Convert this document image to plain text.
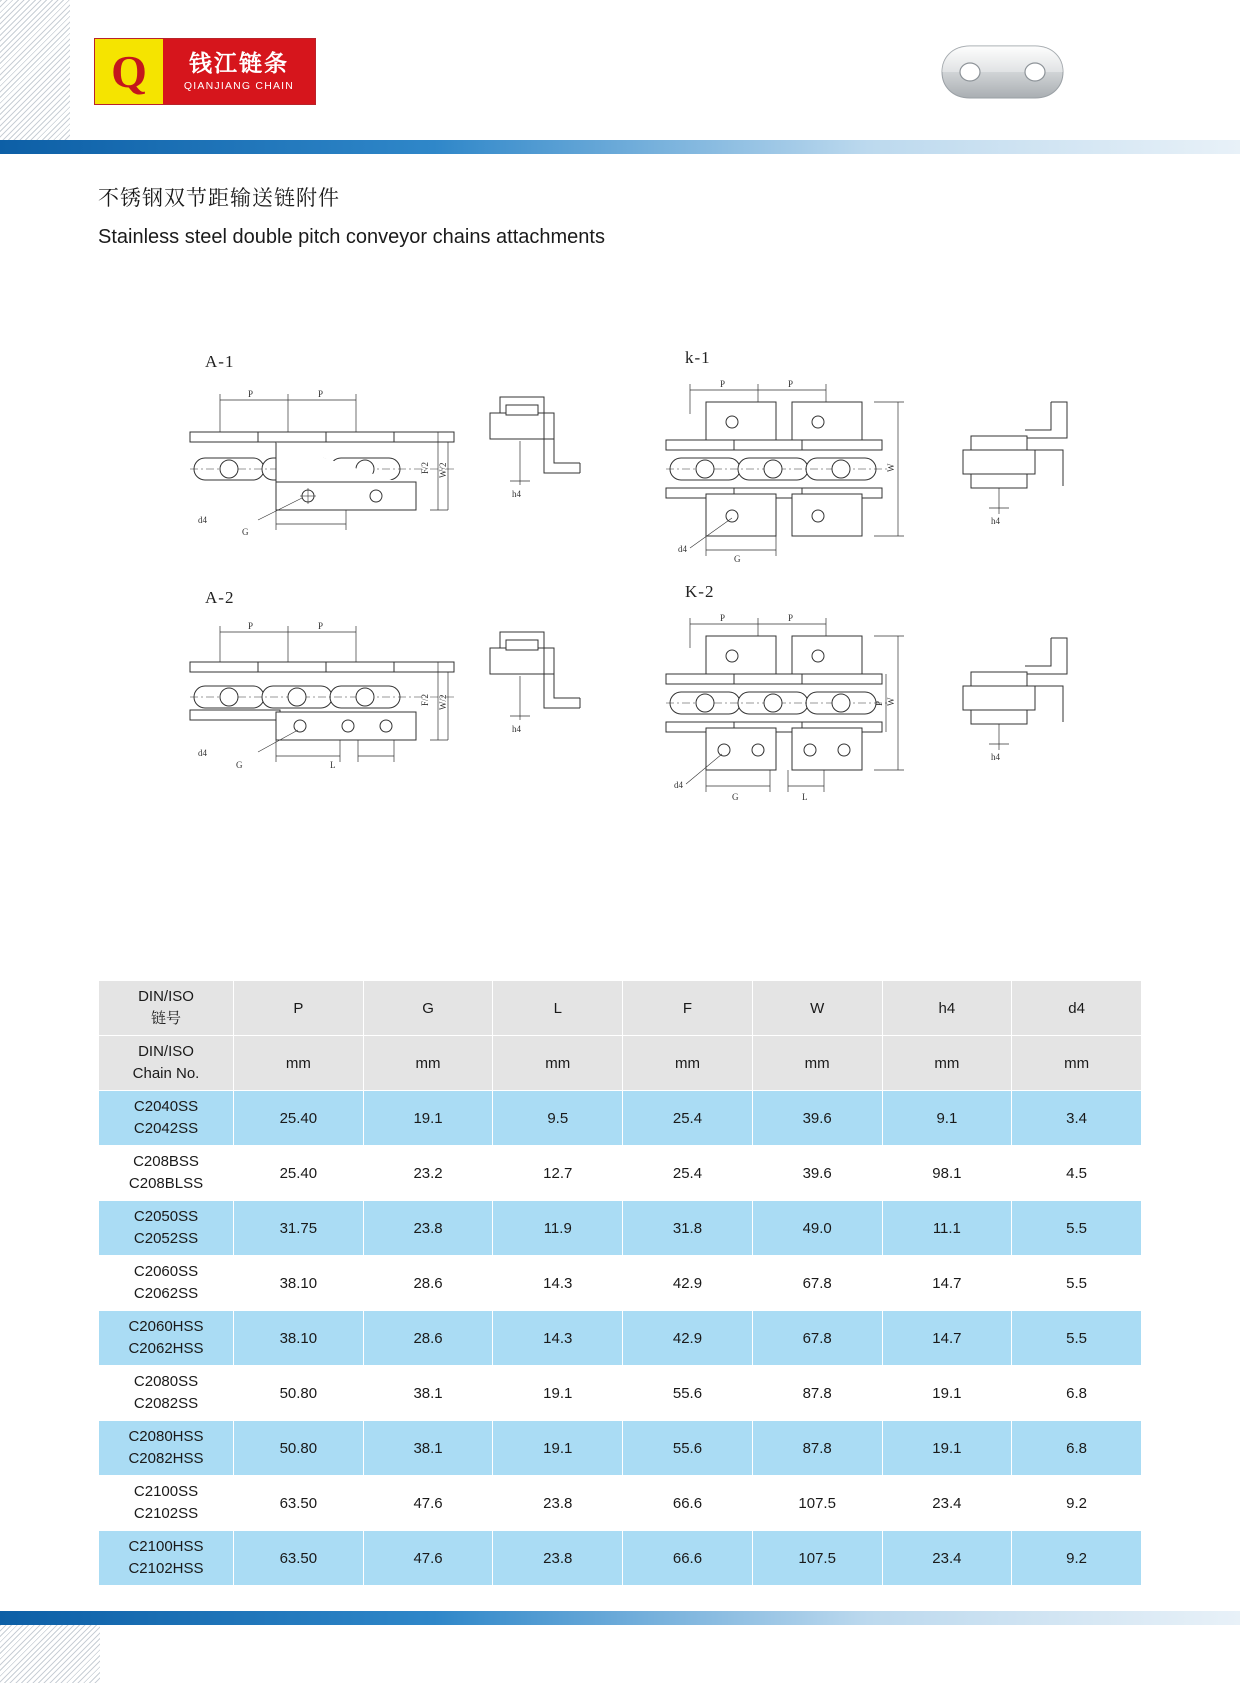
Q 钱江链条
QIANJIANG CHAIN
不锈钢双节距输送链附件
Stainless steel double pitch conveyor chains attachments
A-1
P	P
G
d4
F/2 W/2
h4
k-1
P	P
G
d4
W
h4
A-2
P	P
G	L
d4
F/2 W/2
h4
K-2
P	P
G	L
d4
W
P
h4
DIN/ISO
链号	P	G	L	F	W	h4	d4

DIN/ISO
Chain No.	mm	mm	mm	mm	mm	mm	mm

C2040SS
C2042SS	25.40	19.1	9.5	25.4	39.6	9.1	3.4

C208BSS
C208BLSS	25.40	23.2	12.7	25.4	39.6	98.1	4.5

C2050SS
C2052SS	31.75	23.8	11.9	31.8	49.0	11.1	5.5

C2060SS
C2062SS	38.10	28.6	14.3	42.9	67.8	14.7	5.5

C2060HSS
C2062HSS	38.10	28.6	14.3	42.9	67.8	14.7	5.5

C2080SS
C2082SS	50.80	38.1	19.1	55.6	87.8	19.1	6.8

C2080HSS
C2082HSS	50.80	38.1	19.1	55.6	87.8	19.1	6.8

C2100SS
C2102SS	63.50	47.6	23.8	66.6	107.5	23.4	9.2

C2100HSS
C2102HSS	63.50	47.6	23.8	66.6	107.5	23.4	9.2
